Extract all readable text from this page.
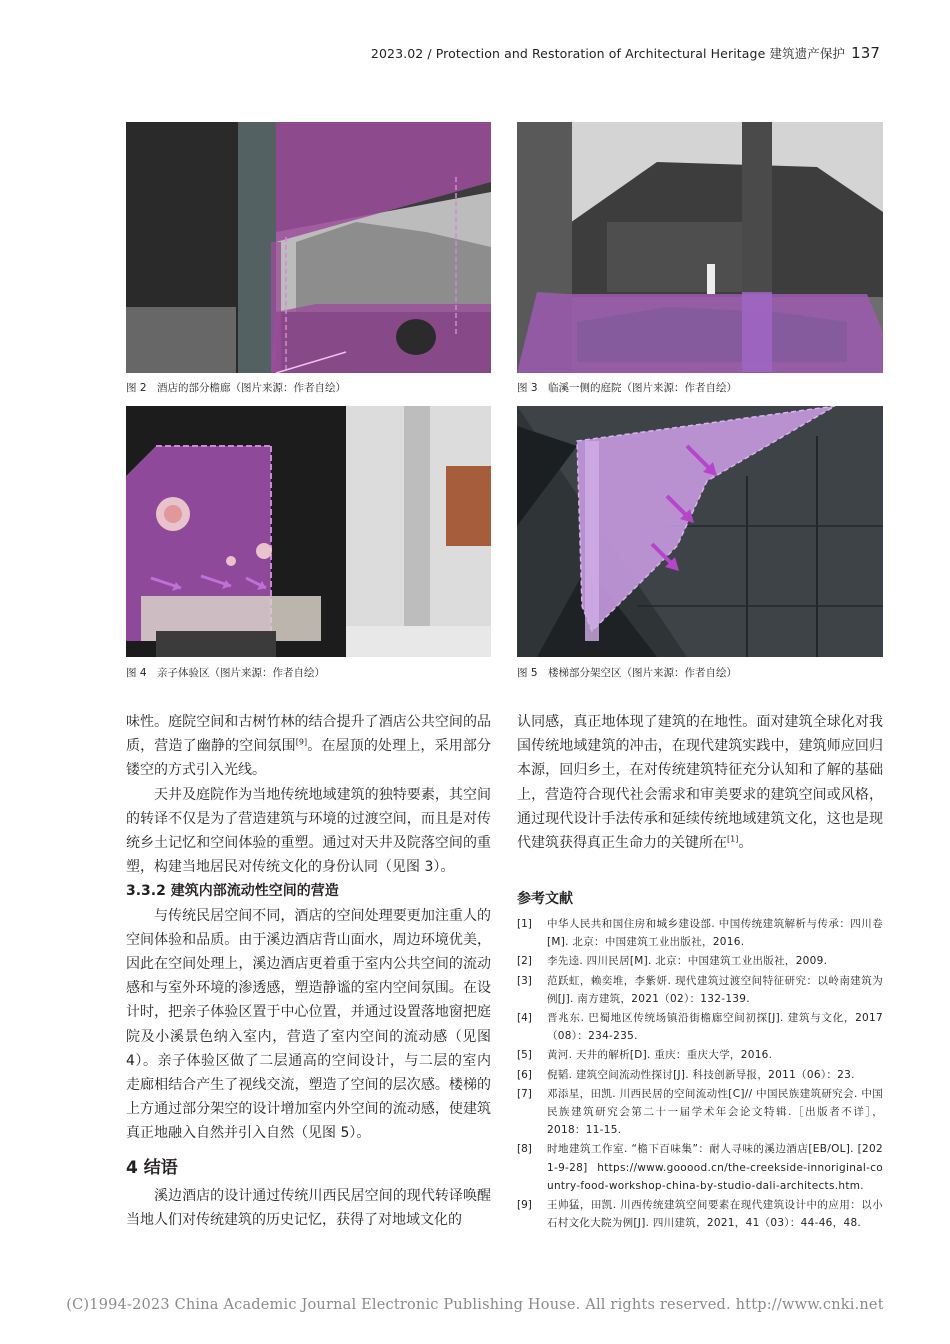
2023.02 / Protection and Restoration of Architectural Heritage 建筑遗产保护 137
图 2　酒店的部分檐廊（图片来源：作者自绘）	图 3　临溪一侧的庭院（图片来源：作者自绘）
图 4　亲子体验区（图片来源：作者自绘）	图 5　楼梯部分架空区（图片来源：作者自绘）

味性。庭院空间和古树竹林的结合提升了酒店公共空间的品质，营造了幽静的空间氛围[9]。在屋顶的处理上，采用部分镂空的方式引入光线。

天井及庭院作为当地传统地域建筑的独特要素，其空间的转译不仅是为了营造建筑与环境的过渡空间，而且是对传统乡土记忆和空间体验的重塑。通过对天井及院落空间的重塑，构建当地居民对传统文化的身份认同（见图 3）。

3.3.2 建筑内部流动性空间的营造

与传统民居空间不同，酒店的空间处理要更加注重人的空间体验和品质。由于溪边酒店背山面水，周边环境优美，因此在空间处理上，溪边酒店更着重于室内公共空间的流动感和与室外环境的渗透感，塑造静谧的室内空间氛围。在设计时，把亲子体验区置于中心位置，并通过设置落地窗把庭院及小溪景色纳入室内，营造了室内空间的流动感（见图 4）。亲子体验区做了二层通高的空间设计，与二层的室内走廊相结合产生了视线交流，塑造了空间的层次感。楼梯的上方通过部分架空的设计增加室内外空间的流动感，使建筑真正地融入自然并引入自然（见图 5）。

4 结语

溪边酒店的设计通过传统川西民居空间的现代转译唤醒当地人们对传统建筑的历史记忆，获得了对地域文化的

认同感，真正地体现了建筑的在地性。面对建筑全球化对我国传统地域建筑的冲击，在现代建筑实践中，建筑师应回归本源，回归乡土，在对传统建筑特征充分认知和了解的基础上，营造符合现代社会需求和审美要求的建筑空间或风格，通过现代设计手法传承和延续传统地域建筑文化，这也是现代建筑获得真正生命力的关键所在[1]。

参考文献
[1]	中华人民共和国住房和城乡建设部. 中国传统建筑解析与传承：四川卷[M]. 北京：中国建筑工业出版社，2016.
[2]	李先逵. 四川民居[M]. 北京：中国建筑工业出版社，2009.
[3]	范跃虹，赖奕堆，李紫妍. 现代建筑过渡空间特征研究：以岭南建筑为例[J]. 南方建筑，2021（02）：132-139.
[4]	晋兆东. 巴蜀地区传统场镇沿街檐廊空间初探[J]. 建筑与文化，2017（08）：234-235.
[5]	黄河. 天井的解析[D]. 重庆：重庆大学，2016.
[6]	倪韬. 建筑空间流动性探讨[J]. 科技创新导报，2011（06）：23.
[7]	邓添星，田凯. 川西民居的空间流动性[C]// 中国民族建筑研究会. 中国民族建筑研究会第二十一届学术年会论文特辑.［出版者不详］，2018：11-15.
[8]	时地建筑工作室. “檐下百味集”：耐人寻味的溪边酒店[EB/OL]. [2021-9-28] https://www.gooood.cn/the-creekside-innoriginal-country-food-workshop-china-by-studio-dali-architects.htm.
[9]	王帅猛，田凯. 川西传统建筑空间要素在现代建筑设计中的应用：以小石村文化大院为例[J]. 四川建筑，2021，41（03）：44-46，48.
(C)1994-2023 China Academic Journal Electronic Publishing House. All rights reserved. http://www.cnki.net
